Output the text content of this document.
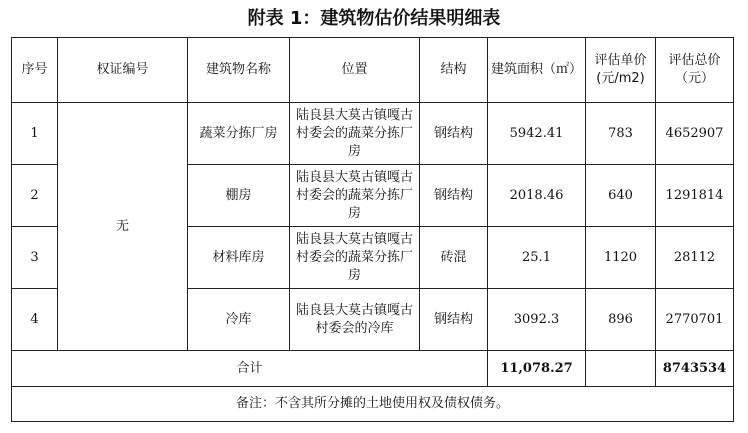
附表 1：建筑物估价结果明细表
序号	权证编号	建筑物名称	位置	结构	建筑面积（㎡）	评估单价(元/m2)	评估总价（元）
1	无	蔬菜分拣厂房	陆良县大莫古镇嘎古村委会的蔬菜分拣厂房	钢结构	5942.41	783	4652907
2		棚房	陆良县大莫古镇嘎古村委会的蔬菜分拣厂房	钢结构	2018.46	640	1291814
3		材料库房	陆良县大莫古镇嘎古村委会的蔬菜分拣厂房	砖混	25.1	1120	28112
4		冷库	陆良县大莫古镇嘎古村委会的冷库	钢结构	3092.3	896	2770701
合计					11,078.27		8743534
备注：不含其所分摊的土地使用权及债权债务。							
